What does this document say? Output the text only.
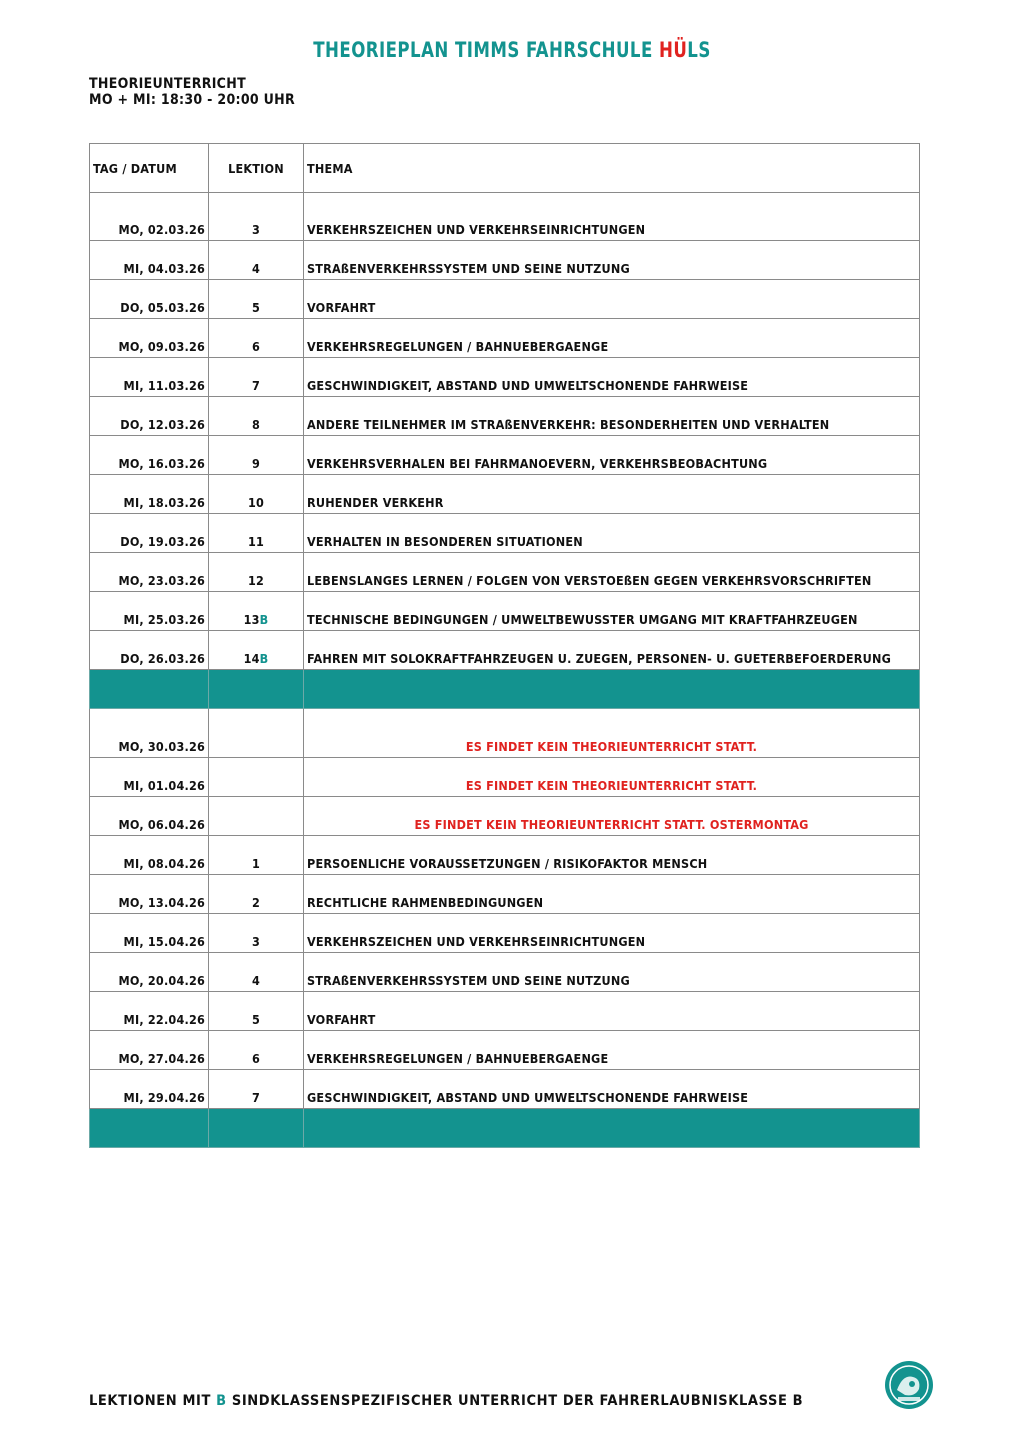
THEORIEPLAN TIMMS FAHRSCHULE HÜLS
THEORIEUNTERRICHT
MO + MI: 18:30 - 20:00 UHR
TAG / DATUM	LEKTION	THEMA
MO, 02.03.26	3	VERKEHRSZEICHEN UND VERKEHRSEINRICHTUNGEN
MI, 04.03.26	4	STRAßENVERKEHRSSYSTEM UND SEINE NUTZUNG
DO, 05.03.26	5	VORFAHRT
MO, 09.03.26	6	VERKEHRSREGELUNGEN / BAHNUEBERGAENGE
MI, 11.03.26	7	GESCHWINDIGKEIT, ABSTAND UND UMWELTSCHONENDE FAHRWEISE
DO, 12.03.26	8	ANDERE TEILNEHMER IM STRAßENVERKEHR: BESONDERHEITEN UND VERHALTEN
MO, 16.03.26	9	VERKEHRSVERHALEN BEI FAHRMANOEVERN, VERKEHRSBEOBACHTUNG
MI, 18.03.26	10	RUHENDER VERKEHR
DO, 19.03.26	11	VERHALTEN IN BESONDEREN SITUATIONEN
MO, 23.03.26	12	LEBENSLANGES LERNEN / FOLGEN VON VERSTOEßEN GEGEN VERKEHRSVORSCHRIFTEN
MI, 25.03.26	13B	TECHNISCHE BEDINGUNGEN / UMWELTBEWUSSTER UMGANG MIT KRAFTFAHRZEUGEN
DO, 26.03.26	14B	FAHREN MIT SOLOKRAFTFAHRZEUGEN U. ZUEGEN, PERSONEN- U. GUETERBEFOERDERUNG

MO, 30.03.26		ES FINDET KEIN THEORIEUNTERRICHT STATT.
MI, 01.04.26		ES FINDET KEIN THEORIEUNTERRICHT STATT.
MO, 06.04.26		ES FINDET KEIN THEORIEUNTERRICHT STATT. OSTERMONTAG
MI, 08.04.26	1	PERSOENLICHE VORAUSSETZUNGEN / RISIKOFAKTOR MENSCH
MO, 13.04.26	2	RECHTLICHE RAHMENBEDINGUNGEN
MI, 15.04.26	3	VERKEHRSZEICHEN UND VERKEHRSEINRICHTUNGEN
MO, 20.04.26	4	STRAßENVERKEHRSSYSTEM UND SEINE NUTZUNG
MI, 22.04.26	5	VORFAHRT
MO, 27.04.26	6	VERKEHRSREGELUNGEN / BAHNUEBERGAENGE
MI, 29.04.26	7	GESCHWINDIGKEIT, ABSTAND UND UMWELTSCHONENDE FAHRWEISE

LEKTIONEN MIT B SINDKLASSENSPEZIFISCHER UNTERRICHT DER FAHRERLAUBNISKLASSE B
